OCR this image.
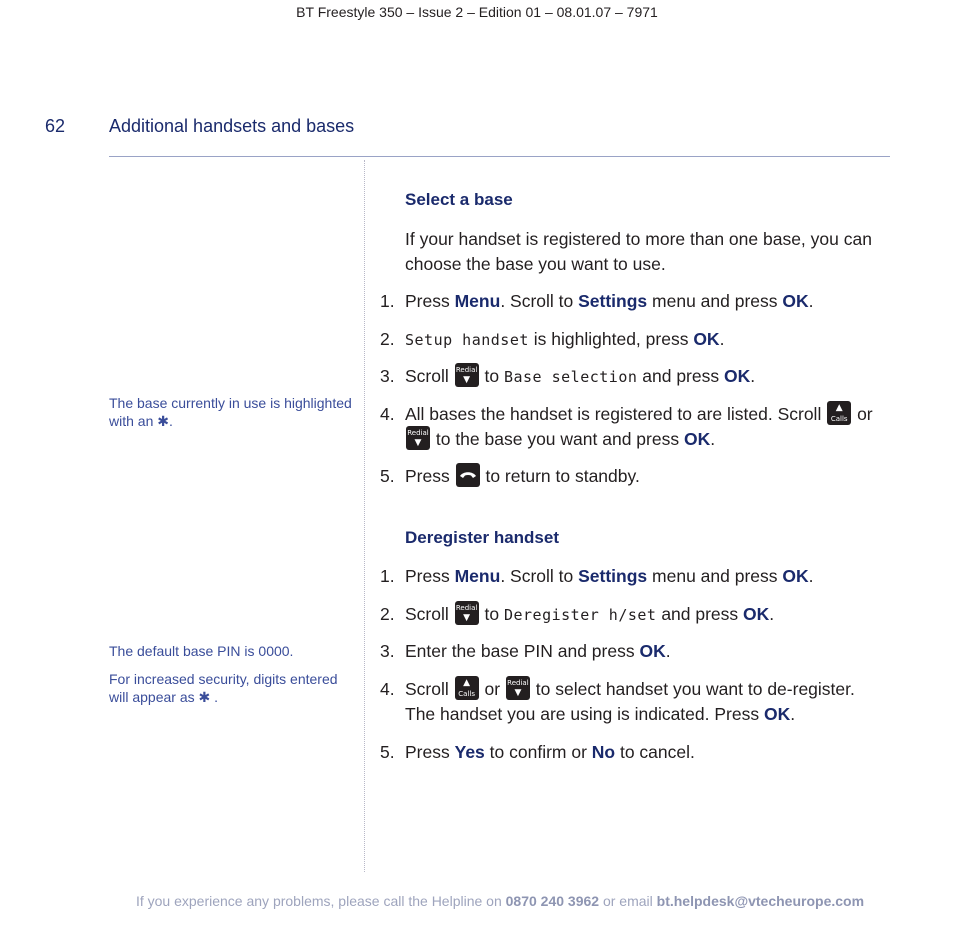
BT Freestyle 350 – Issue 2 – Edition 01 – 08.01.07 – 7971
62 Additional handsets and bases
The base currently in use is highlighted with an ✱.
The default base PIN is 0000.
For increased security, digits entered will appear as ✱ .
Select a base
If your handset is registered to more than one base, you can choose the base you want to use.
1. Press Menu. Scroll to Settings menu and press OK.
2. Setup handset is highlighted, press OK.
3. Scroll Redial
▼ to Base selection and press OK.
4. All bases the handset is registered to are listed. Scroll	▲
Calls or
Redial
▼ to the base you want and press OK.
5. Press
to return to standby.
Deregister handset
1. Press Menu. Scroll to Settings menu and press OK.
2. Scroll Redial
▼ to Deregister h/set and press OK.
3. Enter the base PIN and press OK.
4. Scroll	▲
Calls or Redial
▼ to select handset you want to de-register. The handset you are using is indicated. Press OK.
5. Press Yes to confirm or No to cancel.
If you experience any problems, please call the Helpline on 0870 240 3962 or email bt.helpdesk@vtecheurope.com
